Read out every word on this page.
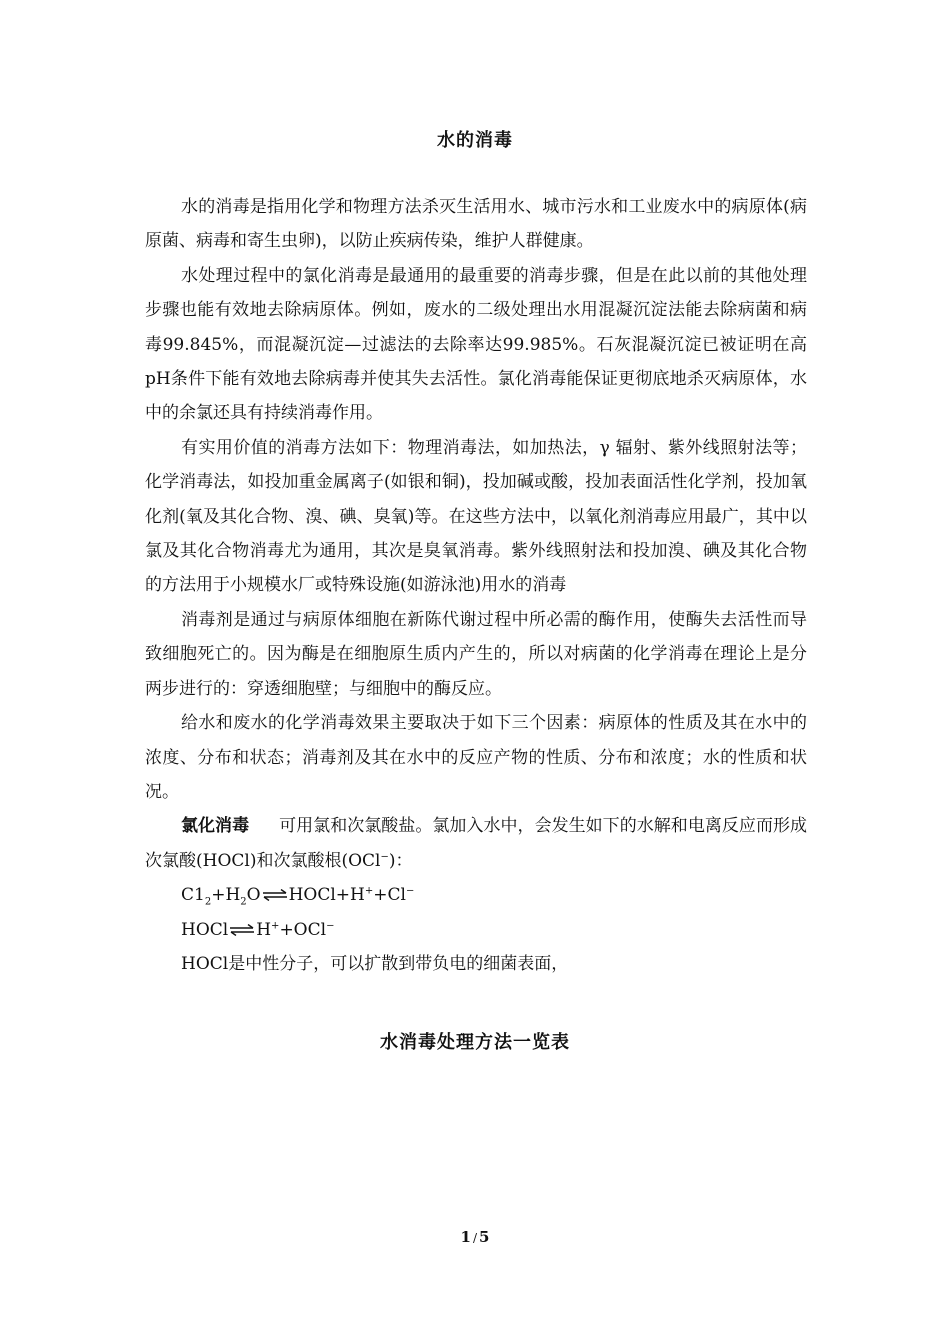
水的消毒

水的消毒是指用化学和物理方法杀灭生活用水、城市污水和工业废水中的病原体(病原菌、病毒和寄生虫卵)，以防止疾病传染，维护人群健康。

水处理过程中的氯化消毒是最通用的最重要的消毒步骤，但是在此以前的其他处理步骤也能有效地去除病原体。例如，废水的二级处理出水用混凝沉淀法能去除病菌和病毒99.845%，而混凝沉淀—过滤法的去除率达99.985%。石灰混凝沉淀已被证明在高pH条件下能有效地去除病毒并使其失去活性。氯化消毒能保证更彻底地杀灭病原体，水中的余氯还具有持续消毒作用。

有实用价值的消毒方法如下：物理消毒法，如加热法，γ 辐射、紫外线照射法等；化学消毒法，如投加重金属离子(如银和铜)，投加碱或酸，投加表面活性化学剂，投加氧化剂(氧及其化合物、溴、碘、臭氧)等。在这些方法中，以氧化剂消毒应用最广，其中以氯及其化合物消毒尤为通用，其次是臭氧消毒。紫外线照射法和投加溴、碘及其化合物的方法用于小规模水厂或特殊设施(如游泳池)用水的消毒

消毒剂是通过与病原体细胞在新陈代谢过程中所必需的酶作用，使酶失去活性而导致细胞死亡的。因为酶是在细胞原生质内产生的，所以对病菌的化学消毒在理论上是分两步进行的：穿透细胞壁；与细胞中的酶反应。

给水和废水的化学消毒效果主要取决于如下三个因素：病原体的性质及其在水中的浓度、分布和状态；消毒剂及其在水中的反应产物的性质、分布和浓度；水的性质和状况。

氯化消毒 可用氯和次氯酸盐。氯加入水中，会发生如下的水解和电离反应而形成次氯酸(HOCl)和次氯酸根(OCl−)：

$C1_2+H_2O\rightleftharpoons HOCl+H^++Cl^-$

HOCl⇌H++OCl−

HOCl是中性分子，可以扩散到带负电的细菌表面，

水消毒处理方法一览表
1 / 5
